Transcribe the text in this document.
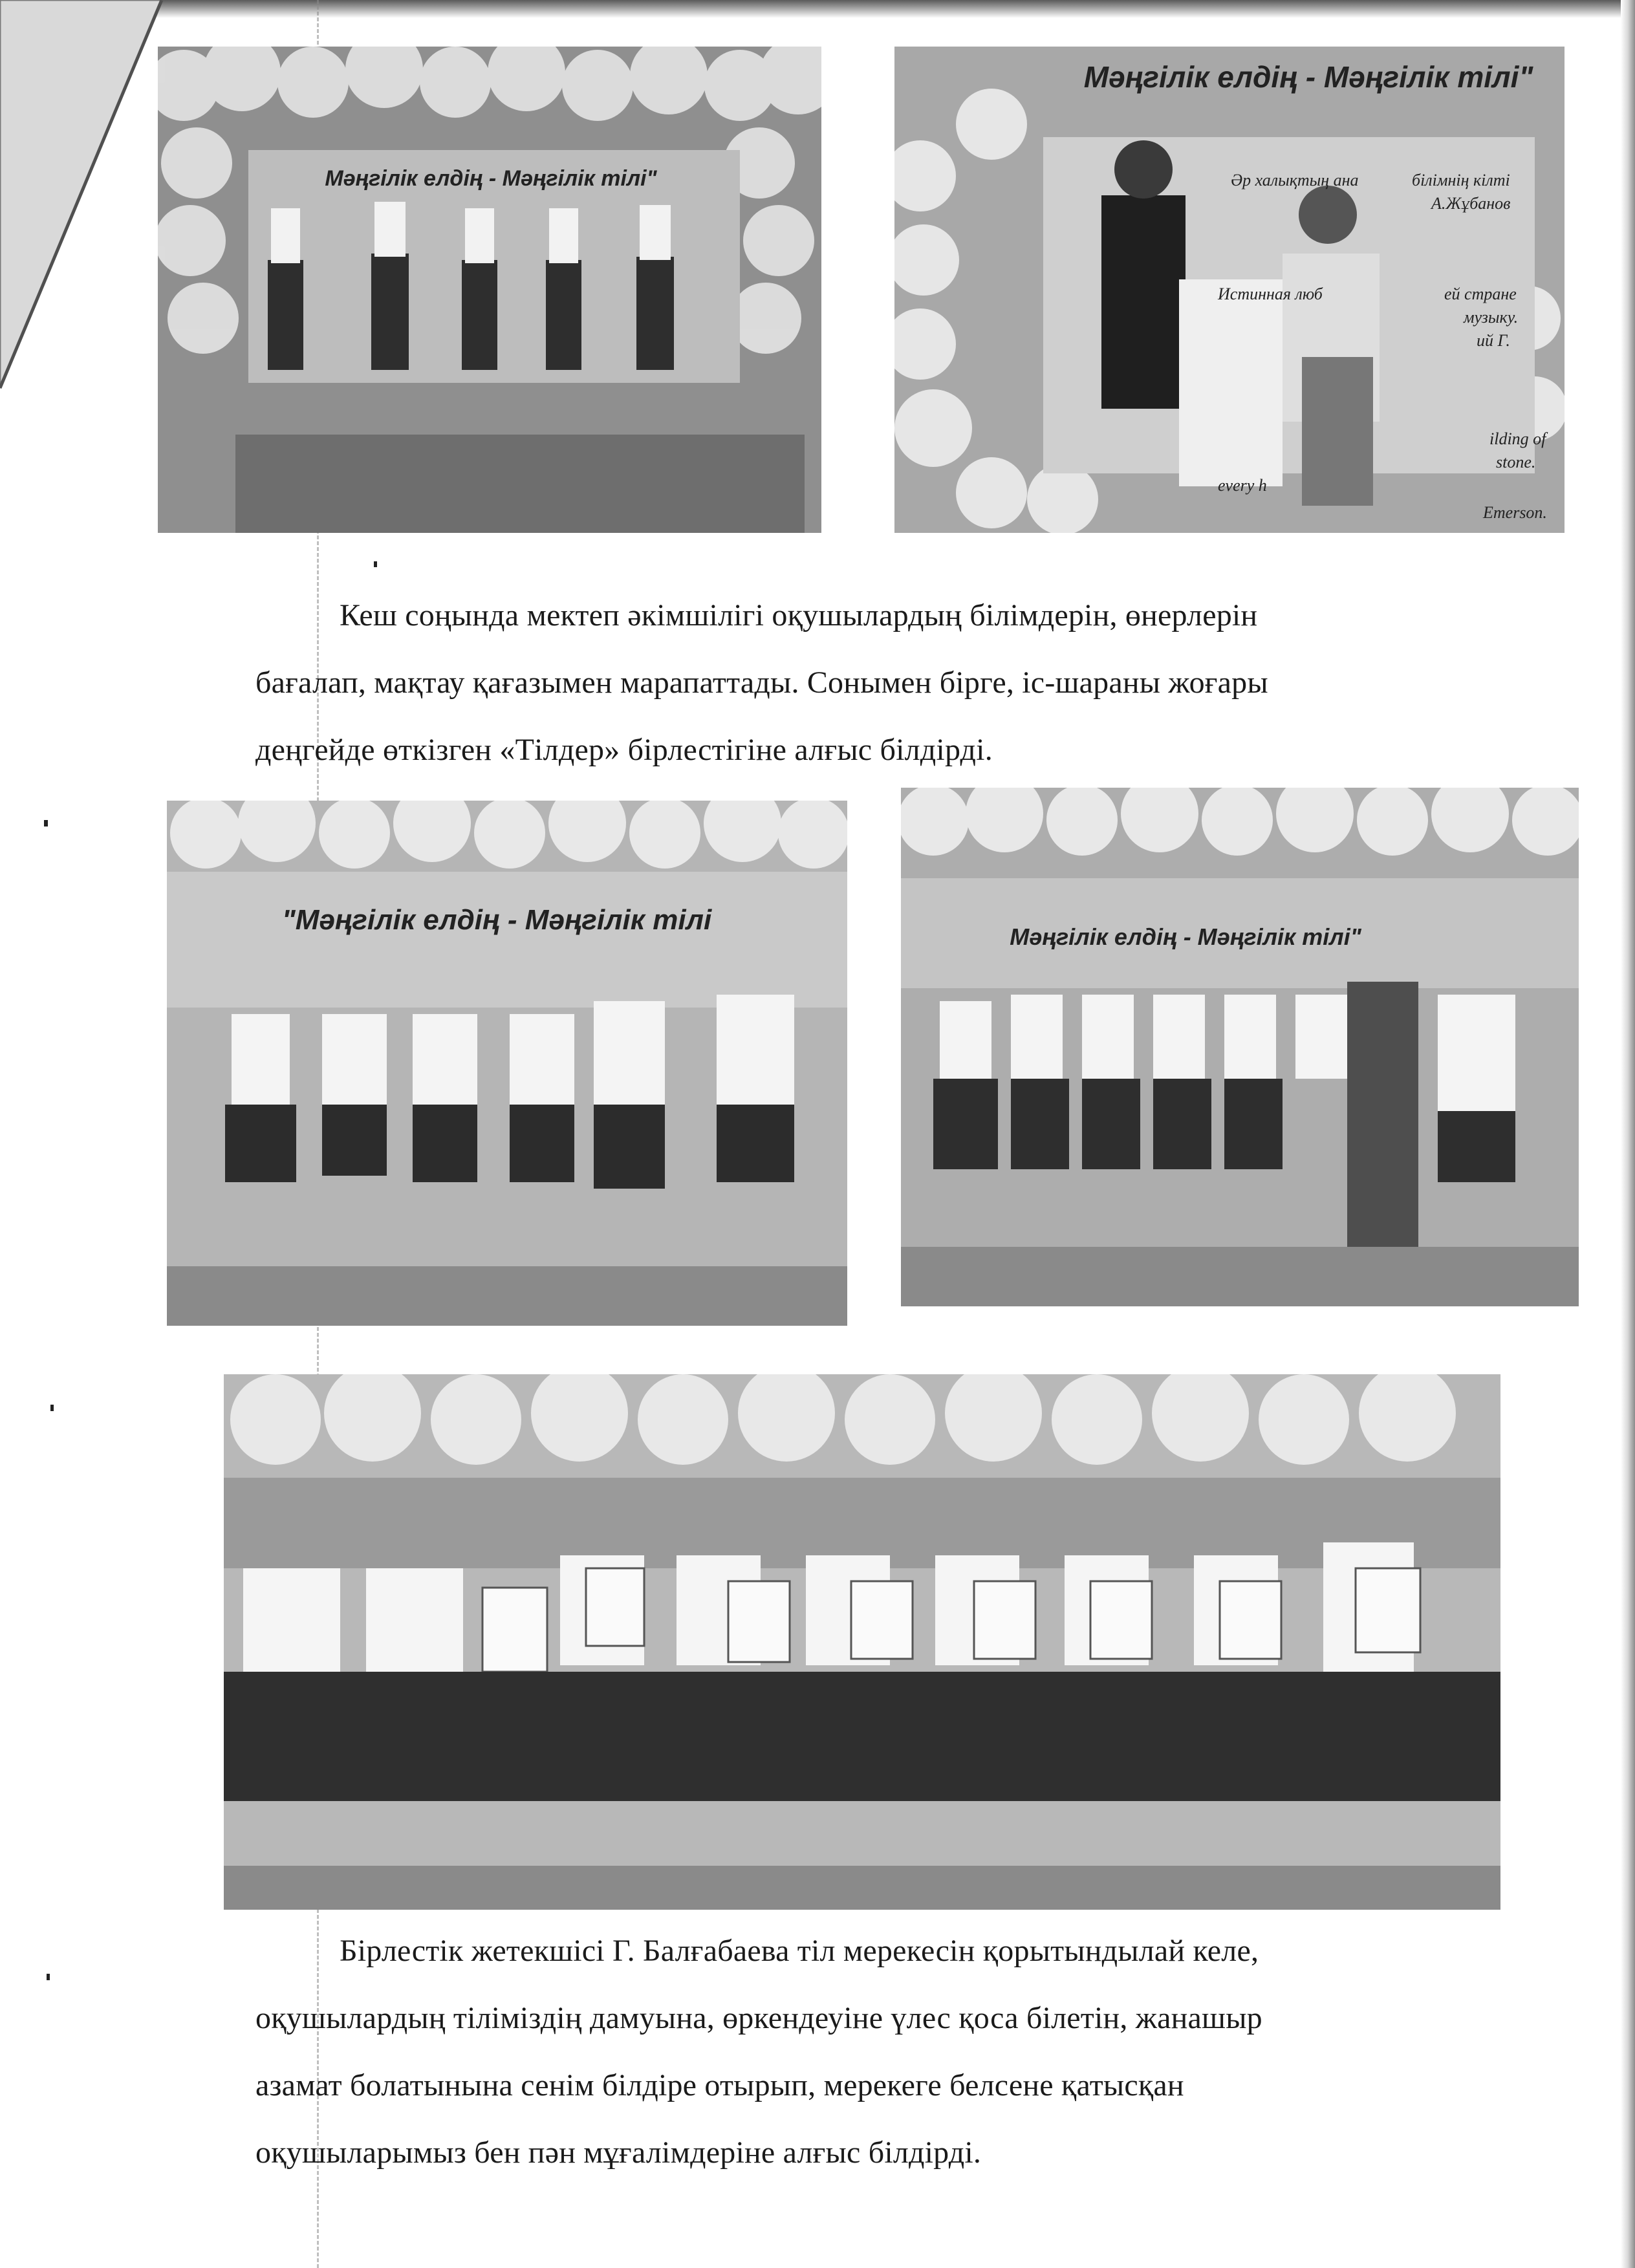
Мәңгілік елдің - Мәңгілік тілі"
Мәңгілік елдің - Мәңгілік тілі"
Әр халықтың ана	білімнің кілті
А.Жұбанов
Истинная люб	ей стране
музыку.
ий Г.
ilding of
stone.
every h
Emerson.

Кеш соңында мектеп әкімшілігі оқушылардың білімдерін, өнерлерін
бағалап, мақтау қағазымен марапаттады. Сонымен бірге, іс-шараны жоғары
деңгейде өткізген «Тілдер» бірлестігіне алғыс білдірді.

"Мәңгілік елдің - Мәңгілік тілі
Мәңгілік елдің - Мәңгілік тілі"

Бірлестік жетекшісі Г. Балғабаева тіл мерекесін қорытындылай келе,
оқушылардың тіліміздің дамуына, өркендеуіне үлес қоса білетін, жанашыр
азамат болатынына сенім білдіре отырып, мерекеге белсене қатысқан
оқушыларымыз бен пән мұғалімдеріне алғыс білдірді.
